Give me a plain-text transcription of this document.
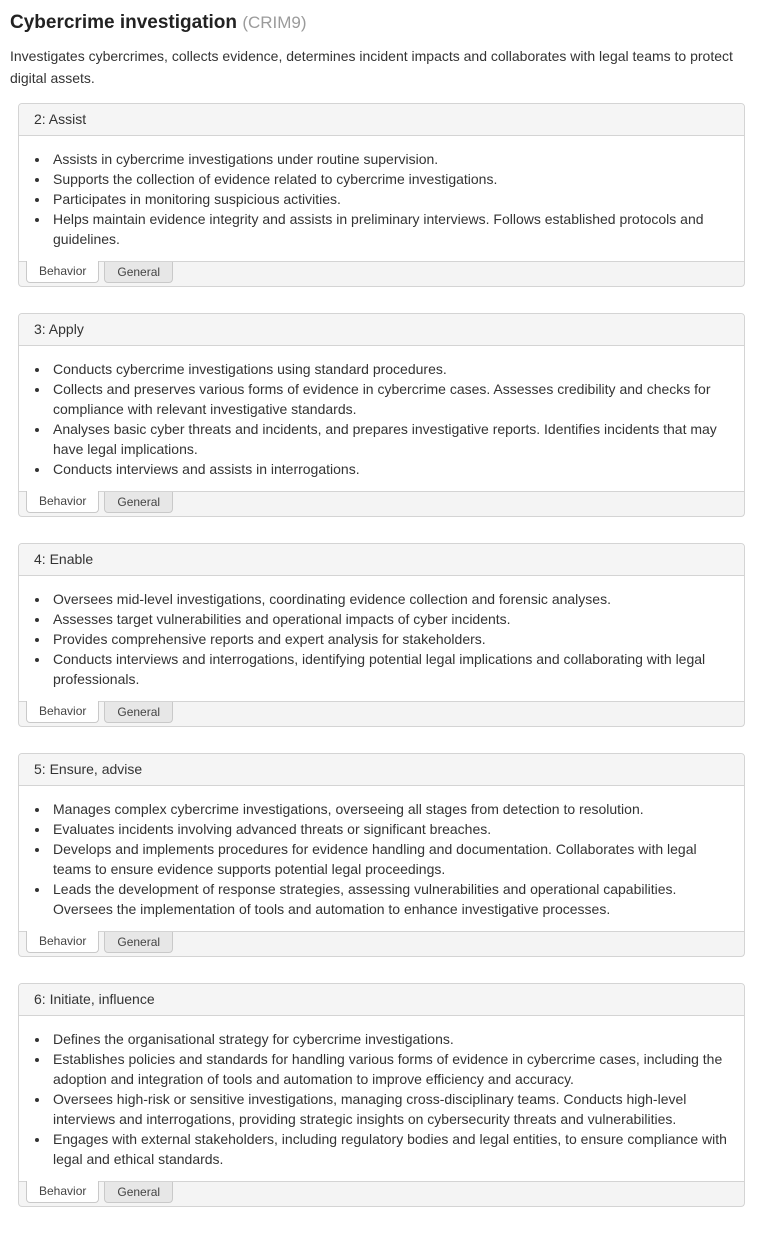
Cybercrime investigation (CRIM9)

Investigates cybercrimes, collects evidence, determines incident impacts and collaborates with legal teams to protect digital assets.

2: Assist
• Assists in cybercrime investigations under routine supervision.
• Supports the collection of evidence related to cybercrime investigations.
• Participates in monitoring suspicious activities.
• Helps maintain evidence integrity and assists in preliminary interviews. Follows established protocols and guidelines.
Behavior	General
3: Apply
• Conducts cybercrime investigations using standard procedures.
• Collects and preserves various forms of evidence in cybercrime cases. Assesses credibility and checks for compliance with relevant investigative standards.
• Analyses basic cyber threats and incidents, and prepares investigative reports. Identifies incidents that may have legal implications.
• Conducts interviews and assists in interrogations.
Behavior	General
4: Enable
• Oversees mid-level investigations, coordinating evidence collection and forensic analyses.
• Assesses target vulnerabilities and operational impacts of cyber incidents.
• Provides comprehensive reports and expert analysis for stakeholders.
• Conducts interviews and interrogations, identifying potential legal implications and collaborating with legal professionals.
Behavior	General
5: Ensure, advise
• Manages complex cybercrime investigations, overseeing all stages from detection to resolution.
• Evaluates incidents involving advanced threats or significant breaches.
• Develops and implements procedures for evidence handling and documentation. Collaborates with legal teams to ensure evidence supports potential legal proceedings.
• Leads the development of response strategies, assessing vulnerabilities and operational capabilities. Oversees the implementation of tools and automation to enhance investigative processes.
Behavior	General
6: Initiate, influence
• Defines the organisational strategy for cybercrime investigations.
• Establishes policies and standards for handling various forms of evidence in cybercrime cases, including the adoption and integration of tools and automation to improve efficiency and accuracy.
• Oversees high-risk or sensitive investigations, managing cross-disciplinary teams. Conducts high-level interviews and interrogations, providing strategic insights on cybersecurity threats and vulnerabilities.
• Engages with external stakeholders, including regulatory bodies and legal entities, to ensure compliance with legal and ethical standards.
Behavior	General
